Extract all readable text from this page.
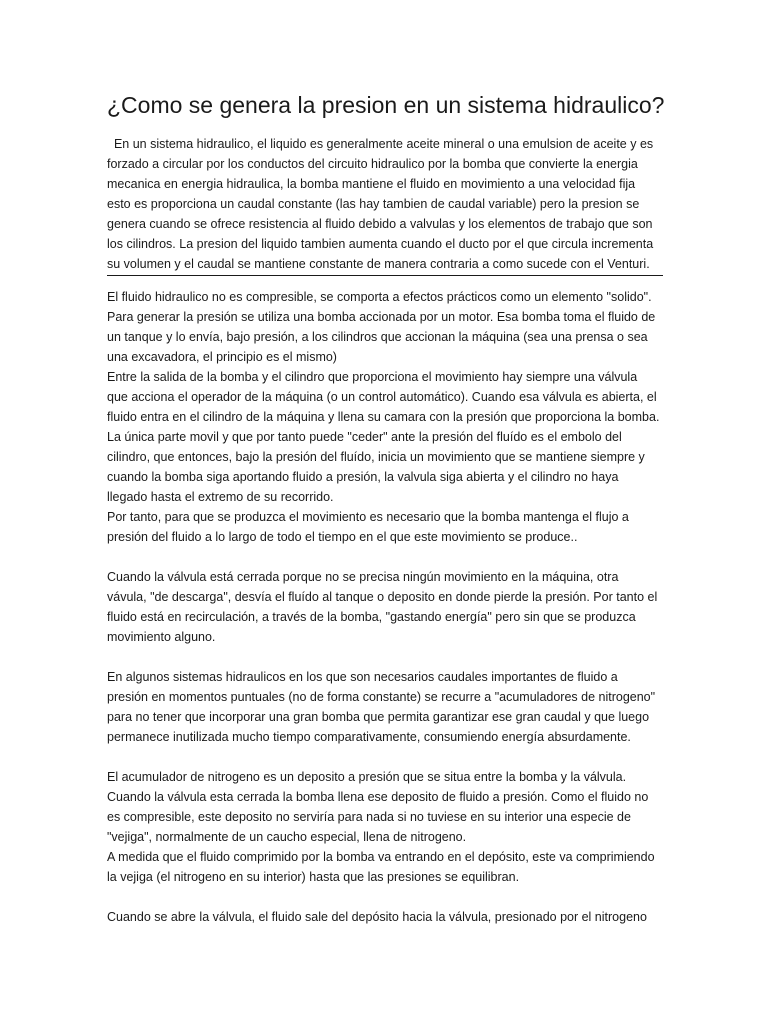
¿Como se genera la presion en un sistema hidraulico?

En un sistema hidraulico, el liquido es generalmente aceite mineral o una emulsion de aceite y es
forzado a circular por los conductos del circuito hidraulico por la bomba que convierte la energia
mecanica en energia hidraulica, la bomba mantiene el fluido en movimiento a una velocidad fija
esto es proporciona un caudal constante (las hay tambien de caudal variable) pero la presion se
genera cuando se ofrece resistencia al fluido debido a valvulas y los elementos de trabajo que son
los cilindros. La presion del liquido tambien aumenta cuando el ducto por el que circula incrementa
su volumen y el caudal se mantiene constante de manera contraria a como sucede con el Venturi.

El fluido hidraulico no es compresible, se comporta a efectos prácticos como un elemento "solido".
Para generar la presión se utiliza una bomba accionada por un motor. Esa bomba toma el fluido de
un tanque y lo envía, bajo presión, a los cilindros que accionan la máquina (sea una prensa o sea
una excavadora, el principio es el mismo)
Entre la salida de la bomba y el cilindro que proporciona el movimiento hay siempre una válvula
que acciona el operador de la máquina (o un control automático). Cuando esa válvula es abierta, el
fluido entra en el cilindro de la máquina y llena su camara con la presión que proporciona la bomba.
La única parte movil y que por tanto puede "ceder" ante la presión del fluído es el embolo del
cilindro, que entonces, bajo la presión del fluído, inicia un movimiento que se mantiene siempre y
cuando la bomba siga aportando fluido a presión, la valvula siga abierta y el cilindro no haya
llegado hasta el extremo de su recorrido.
Por tanto, para que se produzca el movimiento es necesario que la bomba mantenga el flujo a
presión del fluido a lo largo de todo el tiempo en el que este movimiento se produce..
Cuando la válvula está cerrada porque no se precisa ningún movimiento en la máquina, otra
vávula, "de descarga", desvía el fluído al tanque o deposito en donde pierde la presión. Por tanto el
fluido está en recirculación, a través de la bomba, "gastando energía" pero sin que se produzca
movimiento alguno.
En algunos sistemas hidraulicos en los que son necesarios caudales importantes de fluido a
presión en momentos puntuales (no de forma constante) se recurre a "acumuladores de nitrogeno"
para no tener que incorporar una gran bomba que permita garantizar ese gran caudal y que luego
permanece inutilizada mucho tiempo comparativamente, consumiendo energía absurdamente.
El acumulador de nitrogeno es un deposito a presión que se situa entre la bomba y la válvula.
Cuando la válvula esta cerrada la bomba llena ese deposito de fluido a presión. Como el fluido no
es compresible, este deposito no serviría para nada si no tuviese en su interior una especie de
"vejiga", normalmente de un caucho especial, llena de nitrogeno.
A medida que el fluido comprimido por la bomba va entrando en el depósito, este va comprimiendo
la vejiga (el nitrogeno en su interior) hasta que las presiones se equilibran.
Cuando se abre la válvula, el fluido sale del depósito hacia la válvula, presionado por el nitrogeno
